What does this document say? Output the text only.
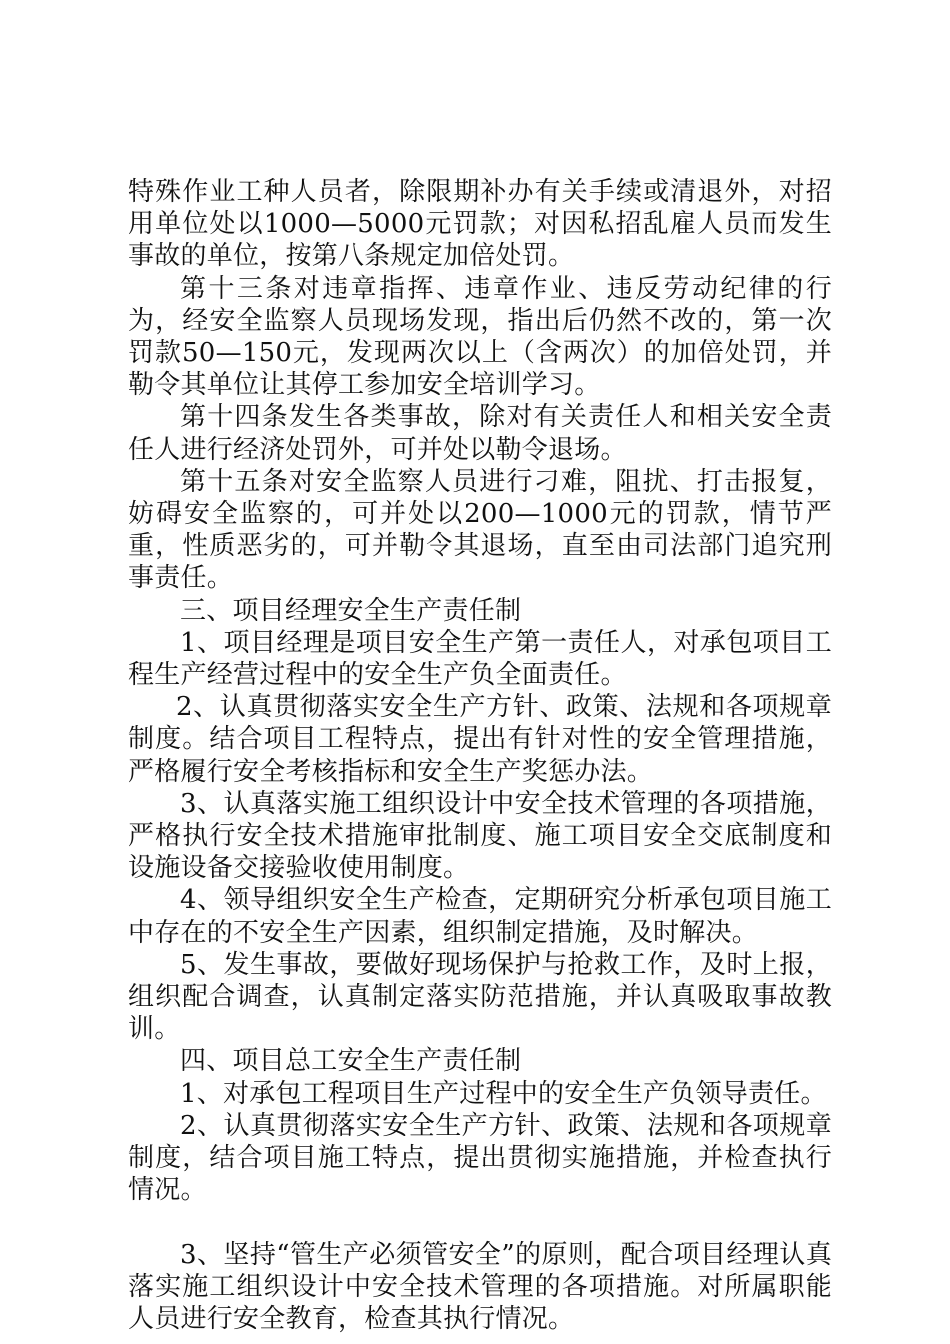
特殊作业工种人员者，除限期补办有关手续或清退外，对招用单位处以1000—5000元罚款；对因私招乱雇人员而发生事故的单位，按第八条规定加倍处罚。

第十三条对违章指挥、违章作业、违反劳动纪律的行为，经安全监察人员现场发现，指出后仍然不改的，第一次罚款50—150元，发现两次以上（含两次）的加倍处罚，并勒令其单位让其停工参加安全培训学习。

第十四条发生各类事故，除对有关责任人和相关安全责任人进行经济处罚外，可并处以勒令退场。

第十五条对安全监察人员进行刁难，阻扰、打击报复，妨碍安全监察的，可并处以200—1000元的罚款，情节严重，性质恶劣的，可并勒令其退场，直至由司法部门追究刑事责任。

三、项目经理安全生产责任制

1、项目经理是项目安全生产第一责任人，对承包项目工程生产经营过程中的安全生产负全面责任。

2、认真贯彻落实安全生产方针、政策、法规和各项规章制度。结合项目工程特点，提出有针对性的安全管理措施，严格履行安全考核指标和安全生产奖惩办法。

3、认真落实施工组织设计中安全技术管理的各项措施，严格执行安全技术措施审批制度、施工项目安全交底制度和设施设备交接验收使用制度。

4、领导组织安全生产检查，定期研究分析承包项目施工中存在的不安全生产因素，组织制定措施，及时解决。

5、发生事故，要做好现场保护与抢救工作，及时上报，组织配合调查，认真制定落实防范措施，并认真吸取事故教训。

四、项目总工安全生产责任制

1、对承包工程项目生产过程中的安全生产负领导责任。

2、认真贯彻落实安全生产方针、政策、法规和各项规章制度，结合项目施工特点，提出贯彻实施措施，并检查执行情况。

3、坚持“管生产必须管安全”的原则，配合项目经理认真落实施工组织设计中安全技术管理的各项措施。对所属职能人员进行安全教育，检查其执行情况。
